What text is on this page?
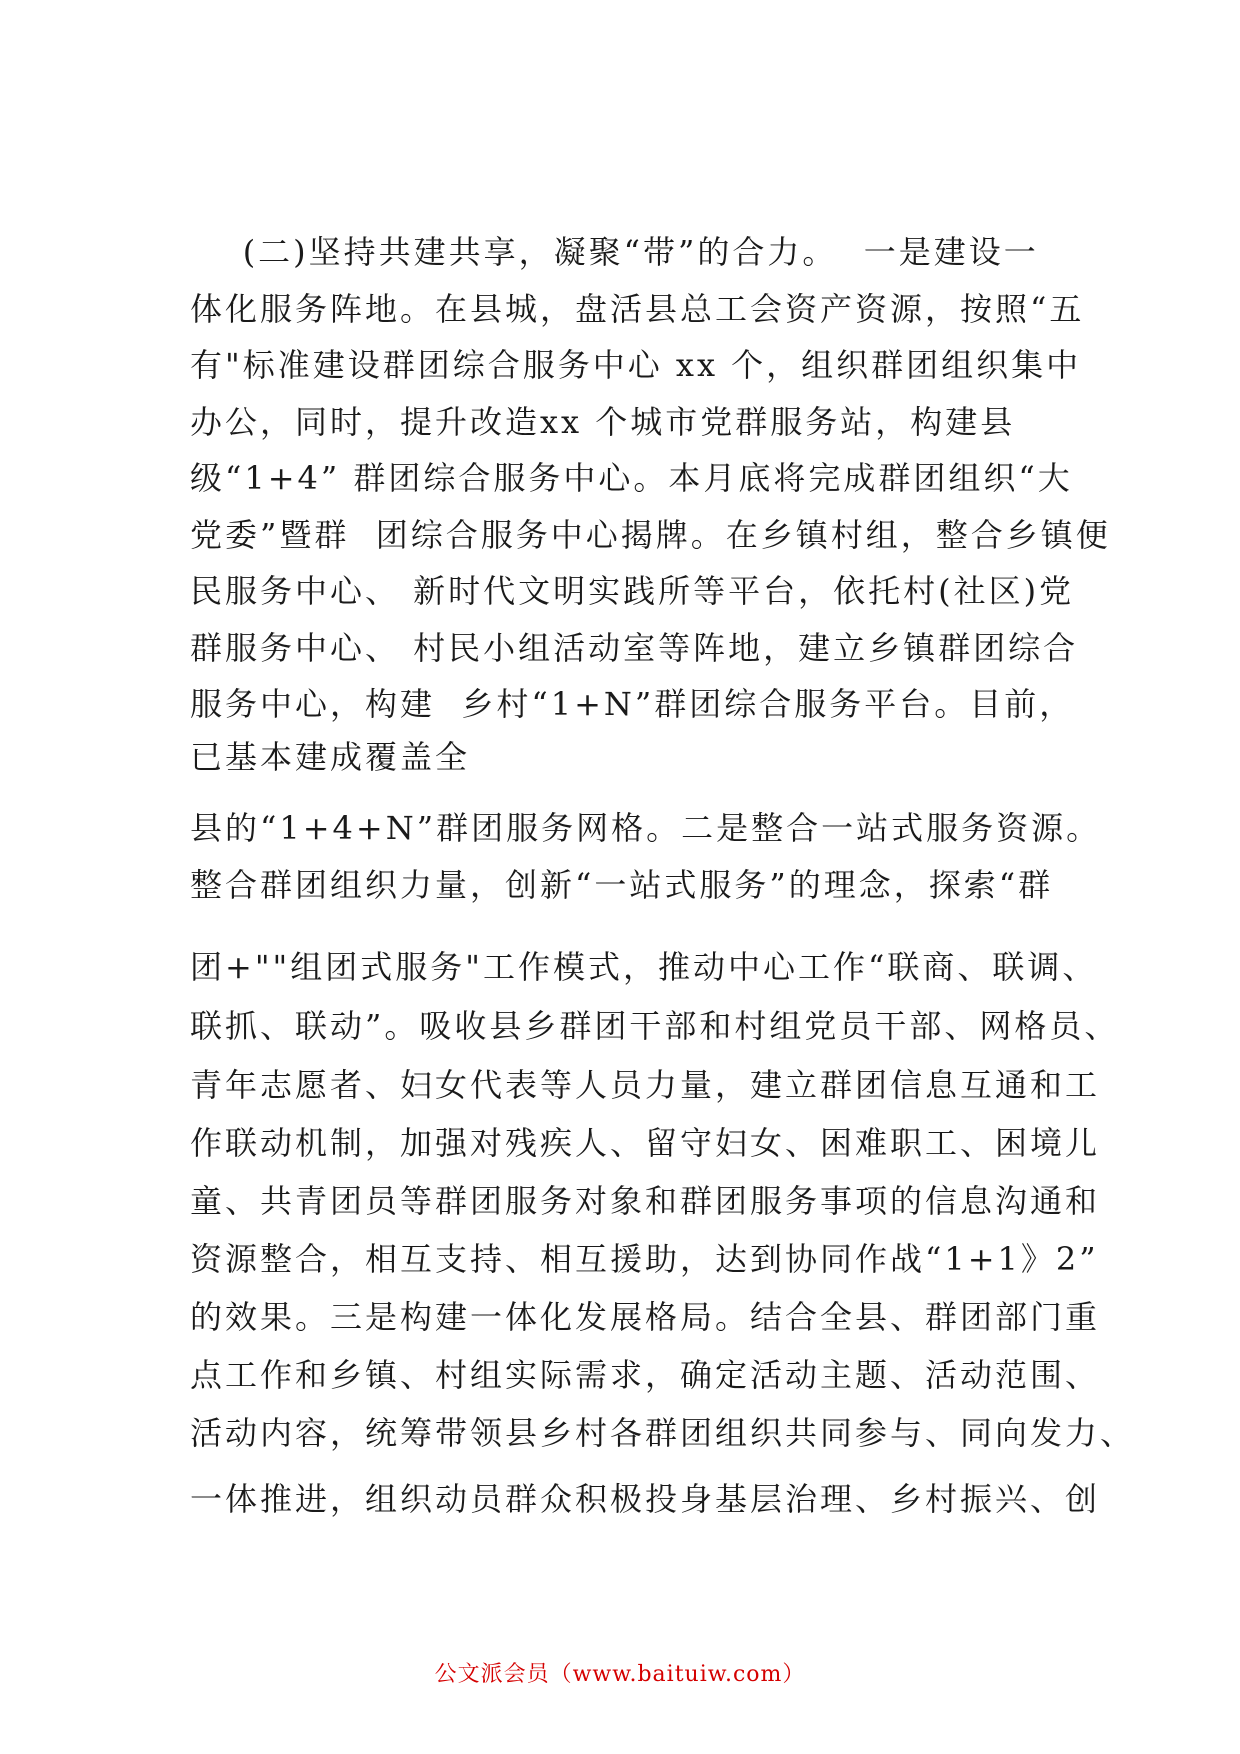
(二)坚持共建共享，凝聚“带”的合力。  一是建设一
体化服务阵地。在县城，盘活县总工会资产资源，按照“五
有"标准建设群团综合服务中心 xx 个，组织群团组织集中
办公，同时，提升改造xx 个城市党群服务站，构建县
级“1+4” 群团综合服务中心。本月底将完成群团组织“大
党委”暨群  团综合服务中心揭牌。在乡镇村组，整合乡镇便
民服务中心、 新时代文明实践所等平台，依托村(社区)党
群服务中心、 村民小组活动室等阵地，建立乡镇群团综合
服务中心，构建  乡村“1+N”群团综合服务平台。目前，
已基本建成覆盖全
县的“1+4+N”群团服务网格。二是整合一站式服务资源。
整合群团组织力量，创新“一站式服务”的理念，探索“群
团+""组团式服务"工作模式，推动中心工作“联商、联调、
联抓、联动”。吸收县乡群团干部和村组党员干部、网格员、
青年志愿者、妇女代表等人员力量，建立群团信息互通和工
作联动机制，加强对残疾人、留守妇女、困难职工、困境儿
童、共青团员等群团服务对象和群团服务事项的信息沟通和
资源整合，相互支持、相互援助，达到协同作战“1+1》2”
的效果。三是构建一体化发展格局。结合全县、群团部门重
点工作和乡镇、村组实际需求，确定活动主题、活动范围、
活动内容，统筹带领县乡村各群团组织共同参与、同向发力、
一体推进，组织动员群众积极投身基层治理、乡村振兴、创
公文派会员（www.baituiw.com）
